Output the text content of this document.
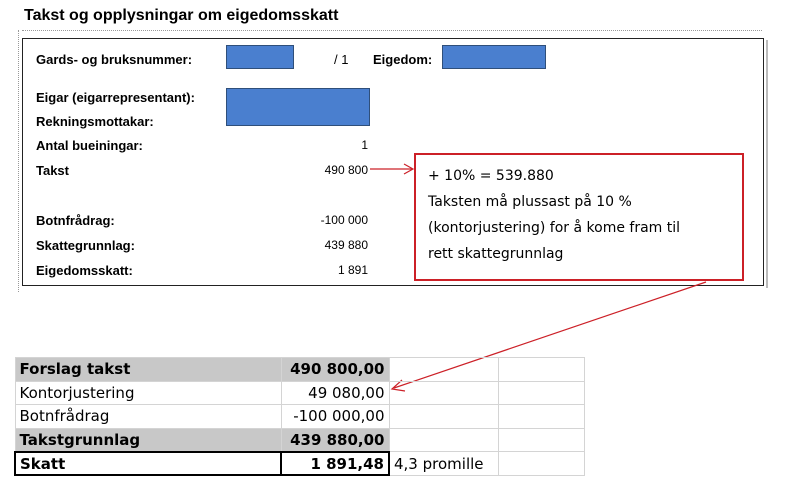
Takst og opplysningar om eigedomsskatt
Gards- og bruksnummer:	/ 1 Eigedom:
Eigar (eigarrepresentant):
Rekningsmottakar:
Antal bueiningar:	1
Takst	490 800
Botnfrådrag:	-100 000
Skattegrunnlag:	439 880
Eigedomsskatt:	1 891
+ 10% = 539.880
Taksten må plussast på 10 %
(kontorjustering) for å kome fram til
rett skattegrunnlag
Forslag takst	490 800,00		
Kontorjustering	49 080,00		
Botnfrådrag	-100 000,00		
Takstgrunnlag	439 880,00		
Skatt	1 891,48	4,3 promille	
